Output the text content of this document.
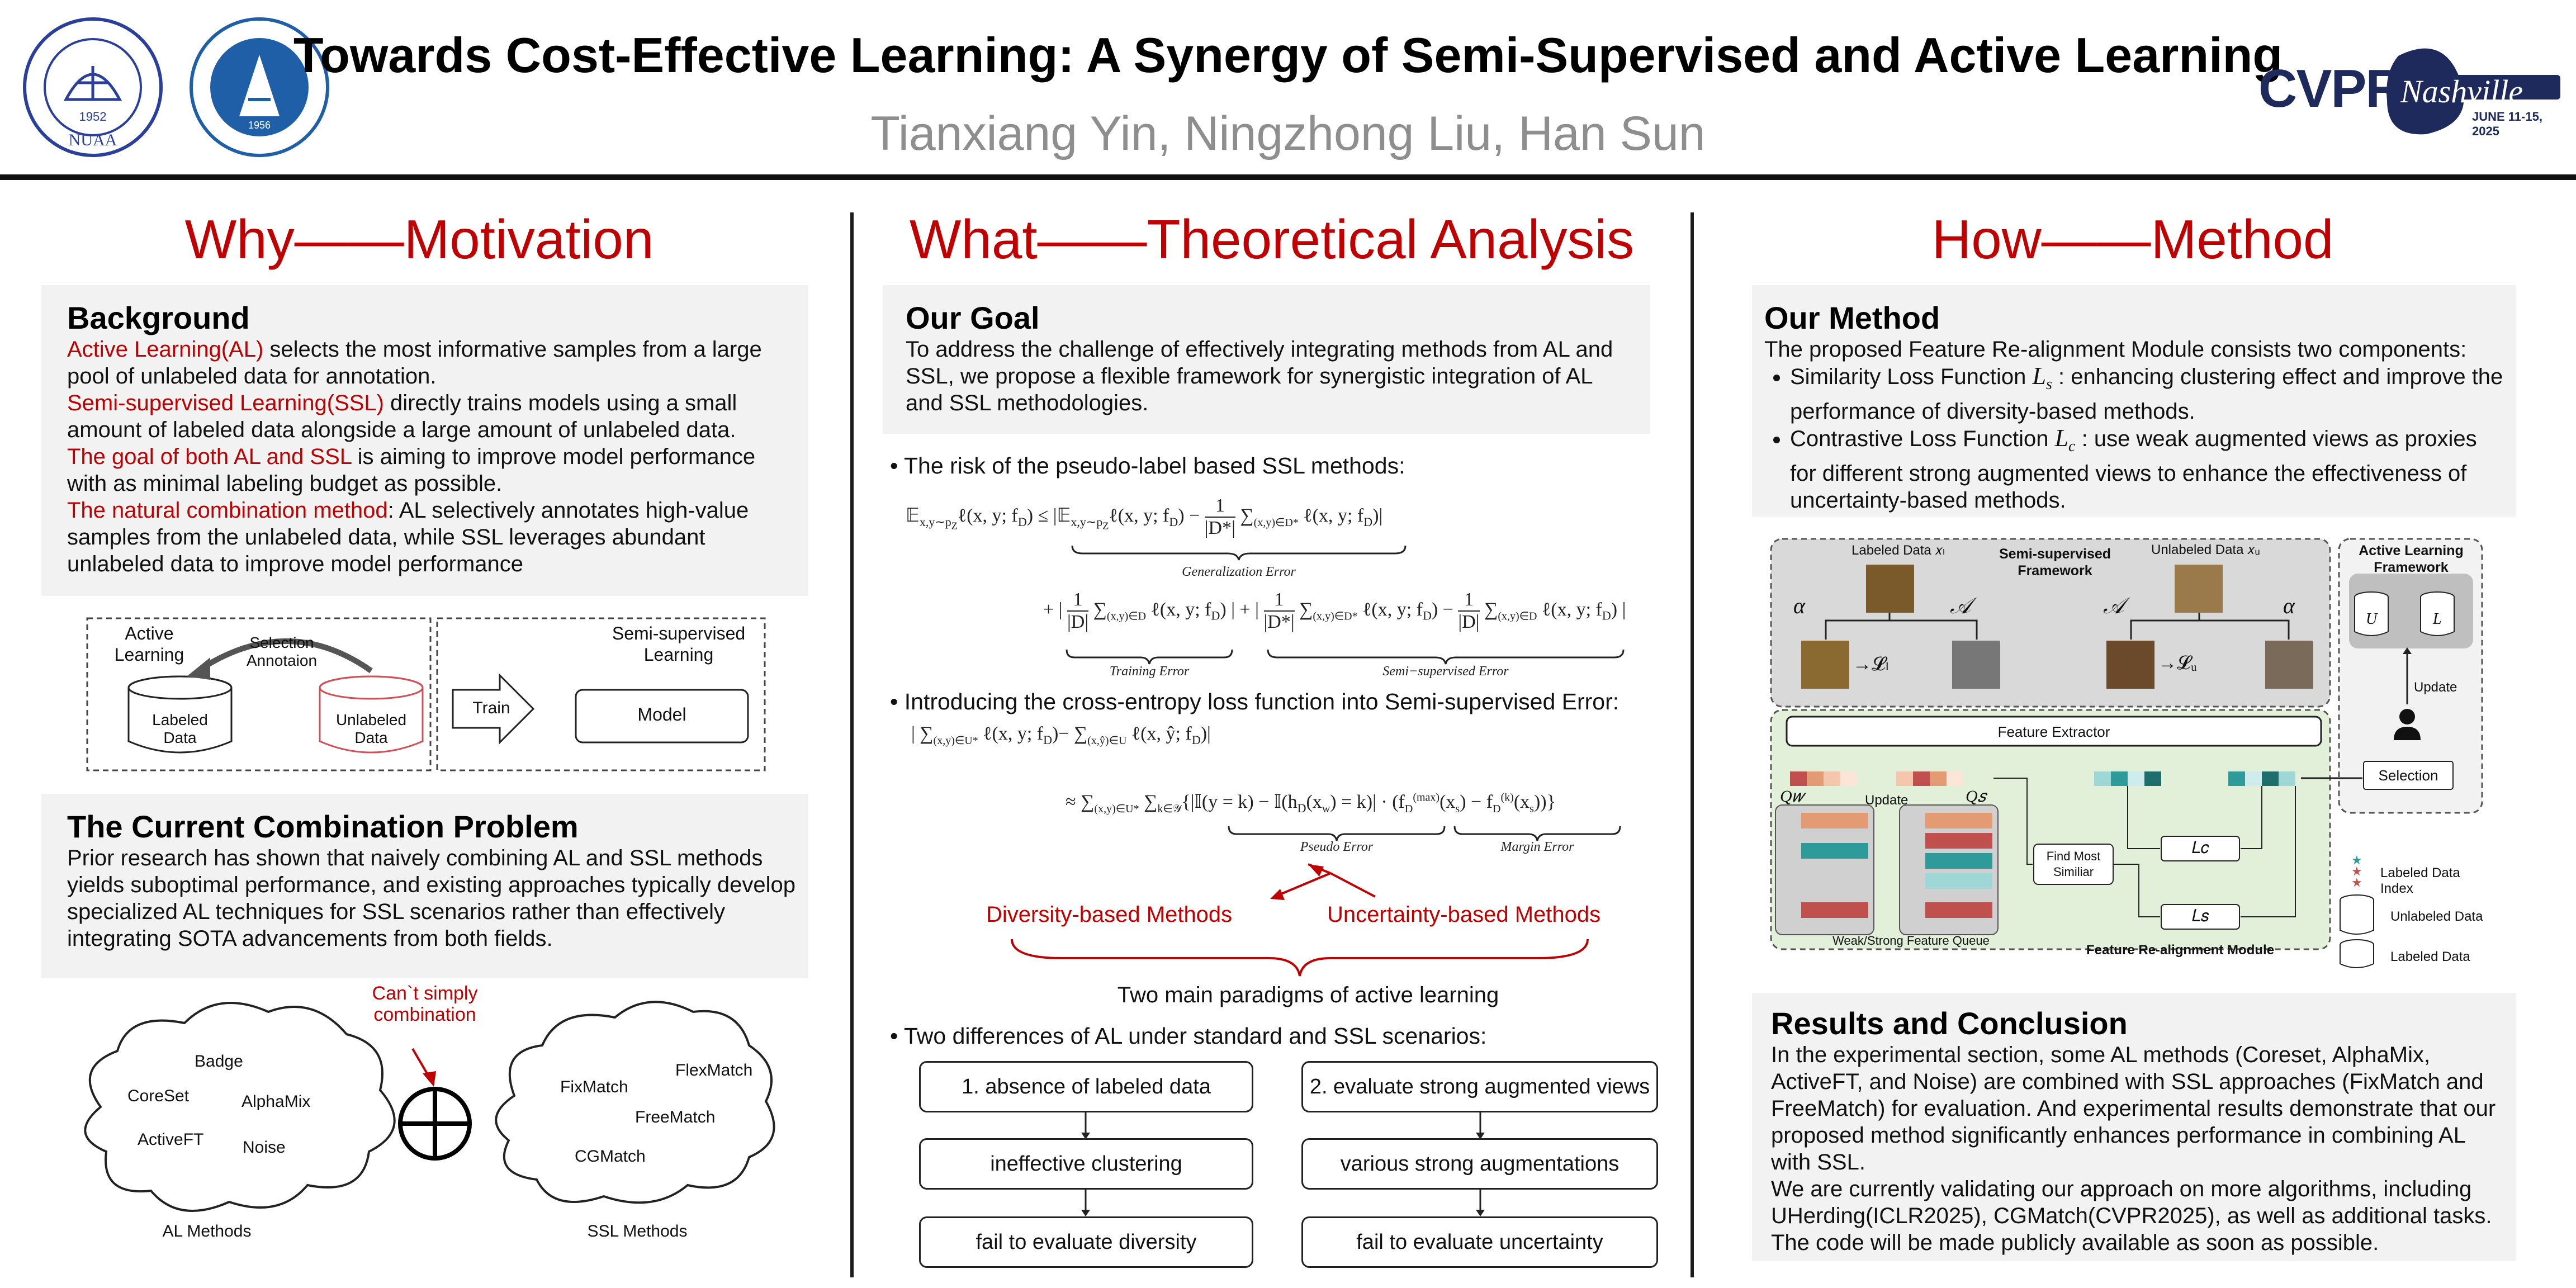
1952
NUAA
1956
Towards Cost-Effective Learning: A Synergy of Semi-Supervised and Active Learning
Tianxiang Yin, Ningzhong Liu, Han Sun
CVPR
Nashville
JUNE 11-15, 2025
Why——Motivation
Background
Active Learning(AL) selects the most informative samples from a large pool of unlabeled data for annotation.
Semi-supervised Learning(SSL) directly trains models using a small amount of labeled data alongside a large amount of unlabeled data.
The goal of both AL and SSL is aiming to improve model performance with as minimal labeling budget as possible.
The natural combination method: AL selectively annotates high-value samples from the unlabeled data, while SSL leverages abundant unlabeled data to improve model performance
Active
Learning
Selection
Annotaion
Labeled
Data
Unlabeled
Data
Semi-supervised
Learning
Train	Model
The Current Combination Problem
Prior research has shown that naively combining AL and SSL methods yields suboptimal performance, and existing approaches typically develop specialized AL techniques for SSL scenarios rather than effectively integrating SOTA advancements from both fields.
Can`t simply
combination
Badge
CoreSet	AlphaMix
ActiveFT Noise
FlexMatch
FixMatch
FreeMatch
CGMatch
AL Methods	SSL Methods
What——Theoretical Analysis
Our Goal
To address the challenge of effectively integrating methods from AL and SSL, we propose a flexible framework for synergistic integration of AL and SSL methodologies.
• The risk of the pseudo-label based SSL methods:
𝔼$_{x,y\sim p_Z}$ℓ(x, y; $f_D$) ≤ |𝔼$_{x,y\sim p_Z}$ℓ(x, y; $f_D) - \frac{1}{|D*|} \sum_{(x,y)\in D*}$ ℓ(x, y; $f_D)|$
Generalization Error
+ | $\frac{1}{|D|} \sum_{(x,y)\in D}$ ℓ(x, y; $f_D$) | + | $\frac{1}{|D*|} \sum_{(x,y)\in D*}$ ℓ(x, y; $f_D) - \frac{1}{|D|} \sum_{(x,y)\in D}$ ℓ(x, y; $f_D$) |
Training Error	Semi−supervised Error
• Introducing the cross-entropy loss function into Semi-supervised Error:
| $\sum_{(x,y)\in U*}$ ℓ(x, y; $f_D)- \sum_{(x,ŷ)\in U}$ ℓ(x, ŷ; $f_D)|$
≈ $\sum_{(x,y)\in U*}$ $\sum_{k\in 𝒴}\{|𝕀(y = k)$ − $𝕀(h_D(x_w) = k)| \cdot (f_D^{(max)}(x_s) - f_D^{(k)}(x_s))$}
Pseudo Error	Margin Error
Diversity-based Methods	Uncertainty-based Methods
Two main paradigms of active learning
• Two differences of AL under standard and SSL scenarios:
1. absence of labeled data
ineffective clustering
fail to evaluate diversity
2. evaluate strong augmented views
various strong augmentations
fail to evaluate uncertainty
How——Method
Our Method
The proposed Feature Re-alignment Module consists two components:
• Similarity Loss Function $L_s$ : enhancing clustering effect and improve the performance of diversity-based methods.
• Contrastive Loss Function $L_c$ : use weak augmented views as proxies for different strong augmented views to enhance the effectiveness of uncertainty-based methods.
★
★
★
Labeled Data 𝑥ₗ	Unlabeled Data 𝑥ᵤ
Semi-supervised
Framework
Active Learning
Framework
α	𝒜	𝒜	α
→𝓛ₗ	→𝓛ᵤ
U	L
Update
Feature Extractor
Selection
Q𝑤	Update	Q𝑠
Find Most
Similiar
𝐿𝑐
𝐿𝑠
Weak/Strong Feature Queue
Feature Re-alignment Module
Labeled Data Index
Unlabeled Data
Labeled Data
Results and Conclusion
In the experimental section, some AL methods (Coreset, AlphaMix, ActiveFT, and Noise) are combined with SSL approaches (FixMatch and FreeMatch) for evaluation. And experimental results demonstrate that our proposed method significantly enhances performance in combining AL with SSL.
We are currently validating our approach on more algorithms, including UHerding(ICLR2025), CGMatch(CVPR2025), as well as additional tasks. The code will be made publicly available as soon as possible.
